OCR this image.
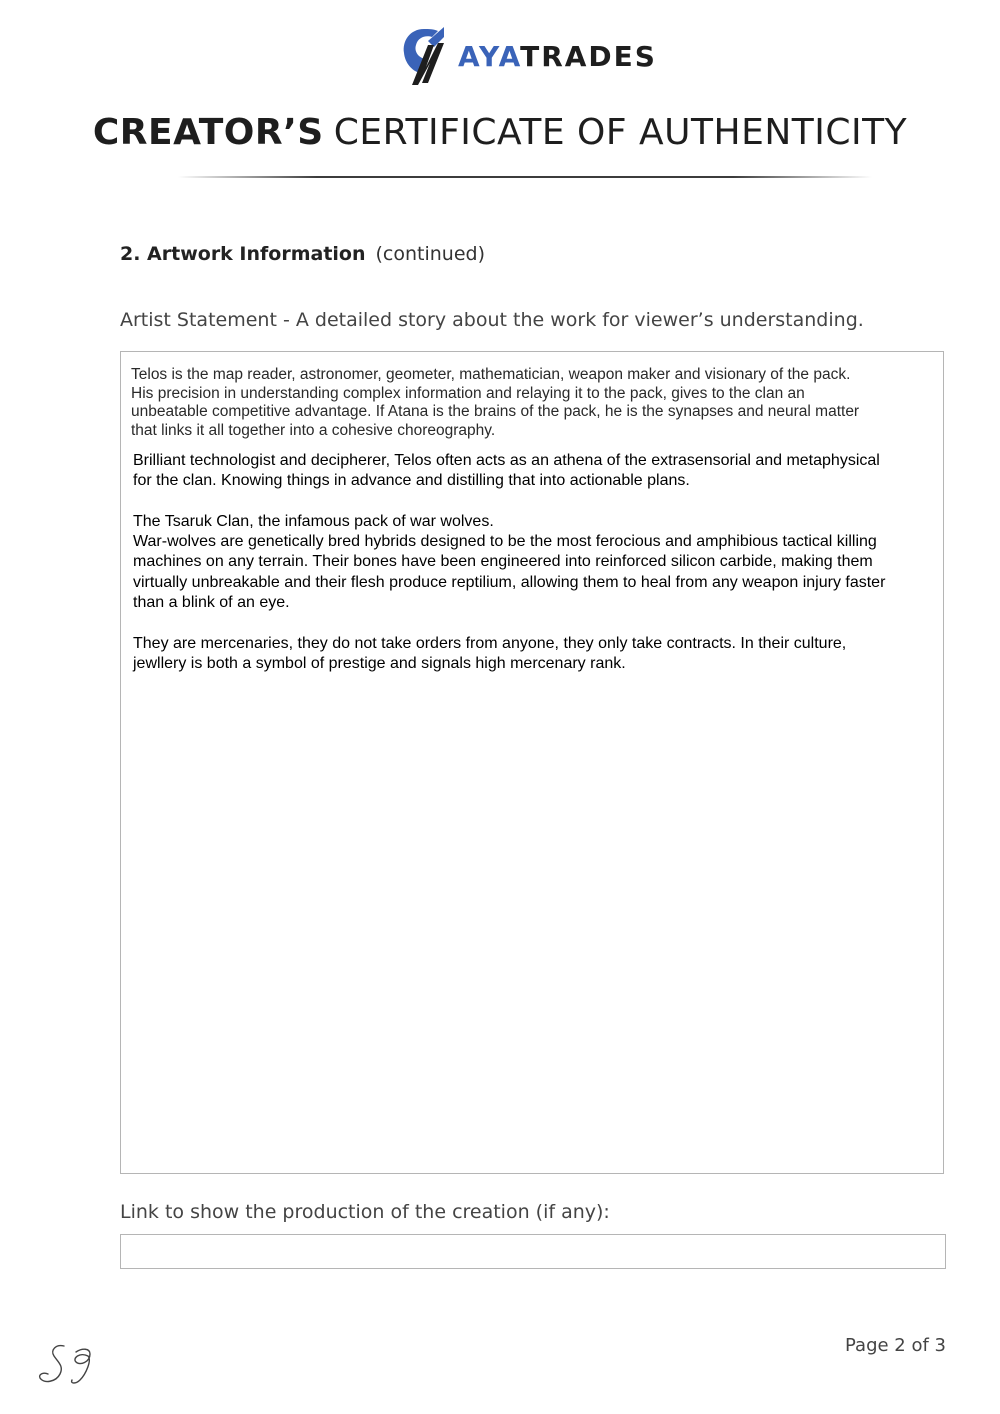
AYATRADES
CREATOR’S CERTIFICATE OF AUTHENTICITY
2. Artwork Information (continued)
Artist Statement - A detailed story about the work for viewer’s understanding.

Telos is the map reader, astronomer, geometer, mathematician, weapon maker and visionary of the pack.
His precision in understanding complex information and relaying it to the pack, gives to the clan an
unbeatable competitive advantage. If Atana is the brains of the pack, he is the synapses and neural matter
that links it all together into a cohesive choreography.

Brilliant technologist and decipherer, Telos often acts as an athena of the extrasensorial and metaphysical
for the clan. Knowing things in advance and distilling that into actionable plans.

The Tsaruk Clan, the infamous pack of war wolves.
War-wolves are genetically bred hybrids designed to be the most ferocious and amphibious tactical killing
machines on any terrain. Their bones have been engineered into reinforced silicon carbide, making them
virtually unbreakable and their flesh produce reptilium, allowing them to heal from any weapon injury faster
than a blink of an eye.

They are mercenaries, they do not take orders from anyone, they only take contracts. In their culture,
jewllery is both a symbol of prestige and signals high mercenary rank.

Link to show the production of the creation (if any):
Page 2 of 3
